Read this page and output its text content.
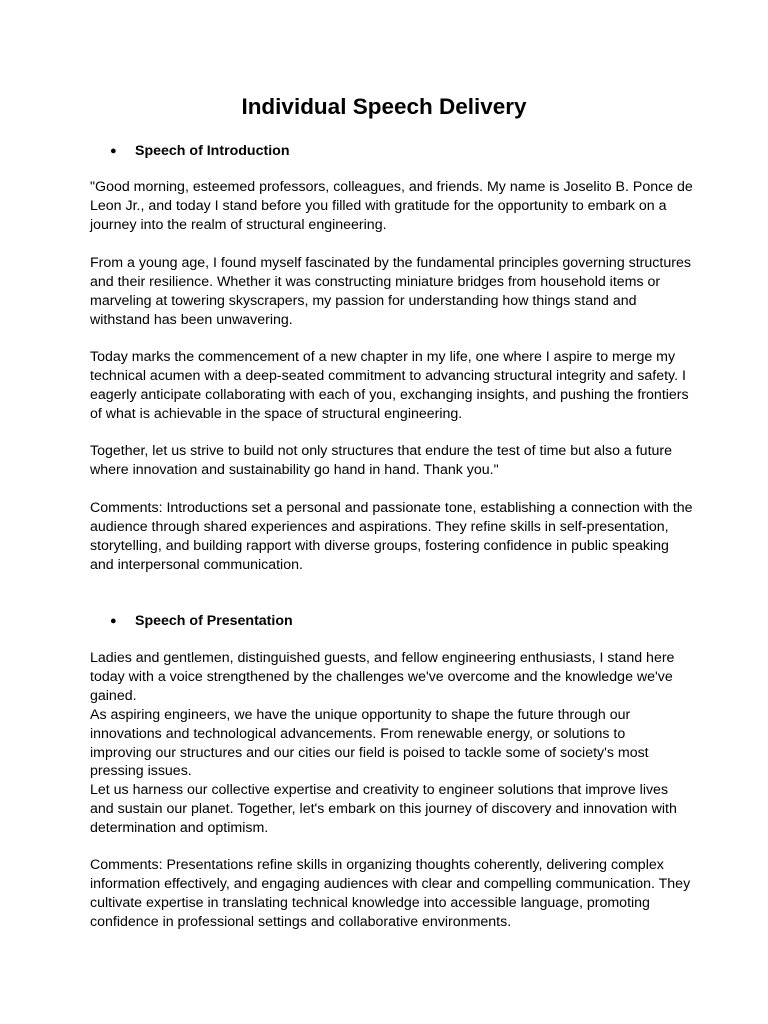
Individual Speech Delivery
● Speech of Introduction
"Good morning, esteemed professors, colleagues, and friends. My name is Joselito B. Ponce de
Leon Jr., and today I stand before you filled with gratitude for the opportunity to embark on a
journey into the realm of structural engineering.
From a young age, I found myself fascinated by the fundamental principles governing structures
and their resilience. Whether it was constructing miniature bridges from household items or
marveling at towering skyscrapers, my passion for understanding how things stand and
withstand has been unwavering.
Today marks the commencement of a new chapter in my life, one where I aspire to merge my
technical acumen with a deep-seated commitment to advancing structural integrity and safety. I
eagerly anticipate collaborating with each of you, exchanging insights, and pushing the frontiers
of what is achievable in the space of structural engineering.
Together, let us strive to build not only structures that endure the test of time but also a future
where innovation and sustainability go hand in hand. Thank you."
Comments: Introductions set a personal and passionate tone, establishing a connection with the
audience through shared experiences and aspirations. They refine skills in self-presentation,
storytelling, and building rapport with diverse groups, fostering confidence in public speaking
and interpersonal communication.
● Speech of Presentation
Ladies and gentlemen, distinguished guests, and fellow engineering enthusiasts, I stand here
today with a voice strengthened by the challenges we've overcome and the knowledge we've
gained.
As aspiring engineers, we have the unique opportunity to shape the future through our
innovations and technological advancements. From renewable energy, or solutions to
improving our structures and our cities our field is poised to tackle some of society's most
pressing issues.
Let us harness our collective expertise and creativity to engineer solutions that improve lives
and sustain our planet. Together, let's embark on this journey of discovery and innovation with
determination and optimism.
Comments: Presentations refine skills in organizing thoughts coherently, delivering complex
information effectively, and engaging audiences with clear and compelling communication. They
cultivate expertise in translating technical knowledge into accessible language, promoting
confidence in professional settings and collaborative environments.
